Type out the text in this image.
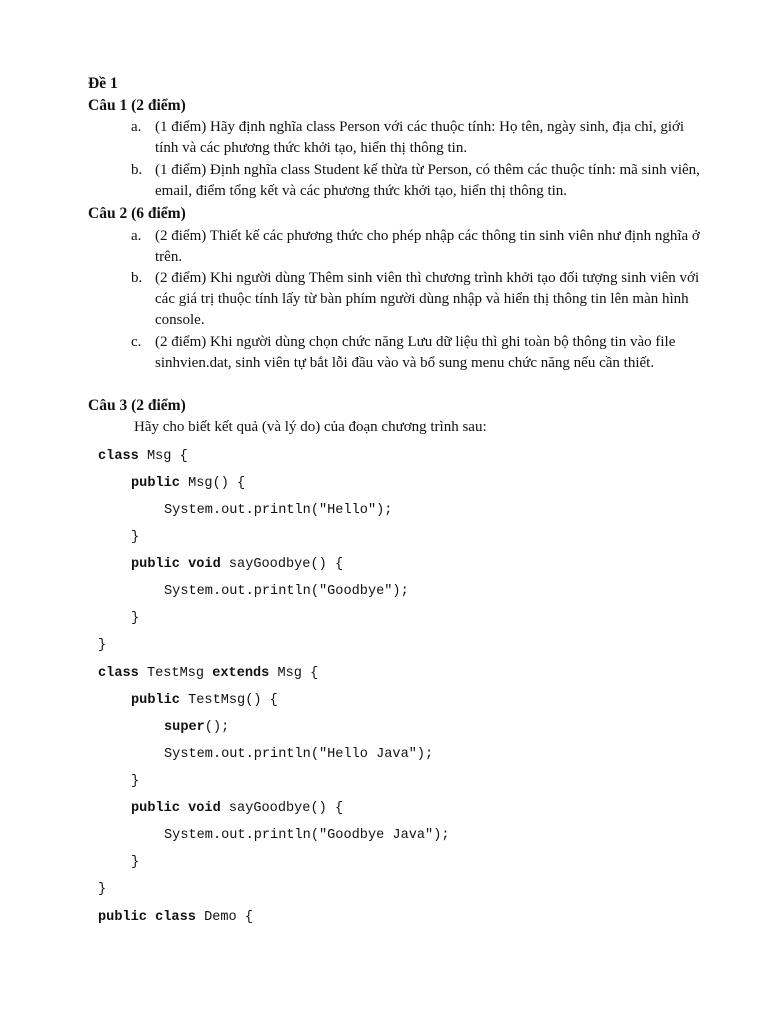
Đề 1
Câu 1 (2 điểm)
a. (1 điểm) Hãy định nghĩa class Person với các thuộc tính: Họ tên, ngày sinh, địa chỉ, giới tính và các phương thức khởi tạo, hiển thị thông tin.
b. (1 điểm) Định nghĩa class Student kế thừa từ Person, có thêm các thuộc tính: mã sinh viên, email, điểm tổng kết và các phương thức khởi tạo, hiển thị thông tin.
Câu 2 (6 điểm)
a. (2 điểm) Thiết kế các phương thức cho phép nhập các thông tin sinh viên như định nghĩa ở trên.
b. (2 điểm) Khi người dùng Thêm sinh viên thì chương trình khởi tạo đối tượng sinh viên với các giá trị thuộc tính lấy từ bàn phím người dùng nhập và hiển thị thông tin lên màn hình console.
c. (2 điểm) Khi người dùng chọn chức năng Lưu dữ liệu thì ghi toàn bộ thông tin vào file sinhvien.dat, sinh viên tự bắt lỗi đầu vào và bổ sung menu chức năng nếu cần thiết.
Câu 3 (2 điểm)
Hãy cho biết kết quả (và lý do) của đoạn chương trình sau:
class Msg {
public Msg() {
System.out.println("Hello");
}
public void sayGoodbye() {
System.out.println("Goodbye");
}
}
class TestMsg extends Msg {
public TestMsg() {
super();
System.out.println("Hello Java");
}
public void sayGoodbye() {
System.out.println("Goodbye Java");
}
}
public class Demo {
